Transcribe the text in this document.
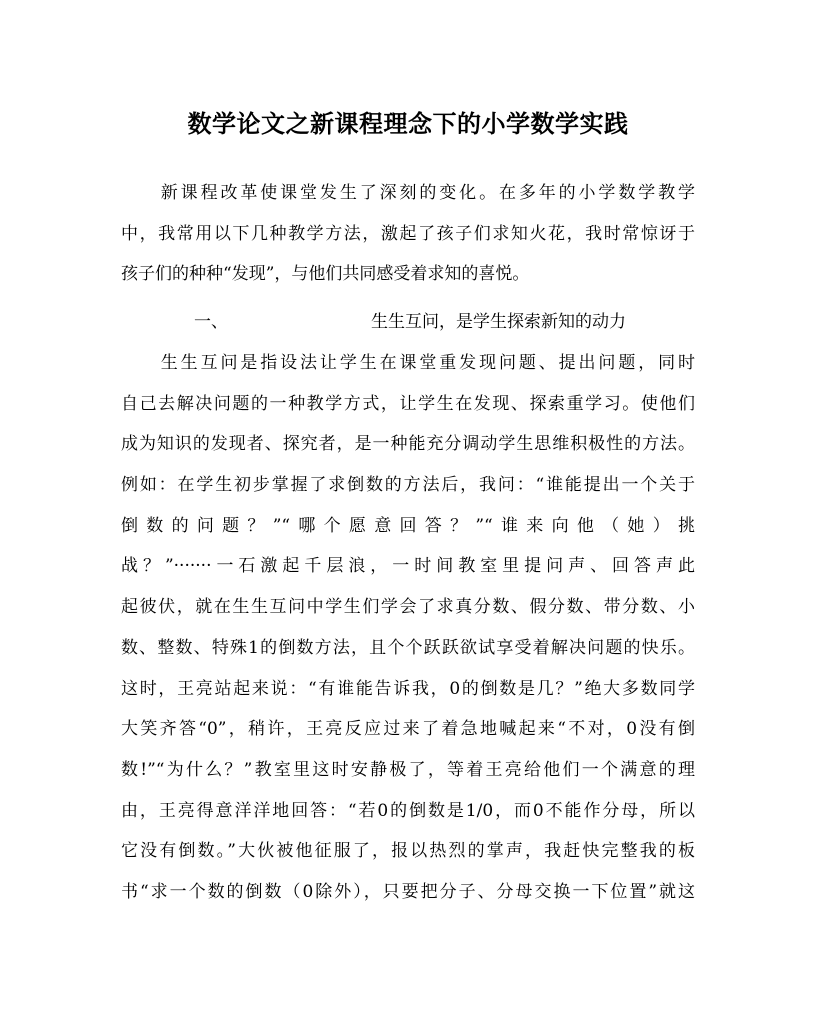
数学论文之新课程理念下的小学数学实践
　　新课程改革使课堂发生了深刻的变化。在多年的小学数学教学
中，我常用以下几种教学方法，激起了孩子们求知火花，我时常惊讶于
孩子们的种种“发现”，与他们共同感受着求知的喜悦。
一、	生生互问，是学生探索新知的动力
　　生生互问是指设法让学生在课堂重发现问题、提出问题，同时
自己去解决问题的一种教学方式，让学生在发现、探索重学习。使他们
成为知识的发现者、探究者，是一种能充分调动学生思维积极性的方法。
例如：在学生初步掌握了求倒数的方法后，我问：“谁能提出一个关于
倒数的问题？”“哪个愿意回答？”“谁来向他（她）挑
战？”·······一石激起千层浪，一时间教室里提问声、回答声此
起彼伏，就在生生互问中学生们学会了求真分数、假分数、带分数、小
数、整数、特殊1的倒数方法，且个个跃跃欲试享受着解决问题的快乐。
这时，王亮站起来说：“有谁能告诉我，0的倒数是几？”绝大多数同学
大笑齐答“0”，稍许，王亮反应过来了着急地喊起来“不对，0没有倒
数!”“为什么？”教室里这时安静极了，等着王亮给他们一个满意的理
由，王亮得意洋洋地回答：“若0的倒数是1/0，而0不能作分母，所以
它没有倒数。”大伙被他征服了，报以热烈的掌声，我赶快完整我的板
书“求一个数的倒数（0除外），只要把分子、分母交换一下位置”就这
